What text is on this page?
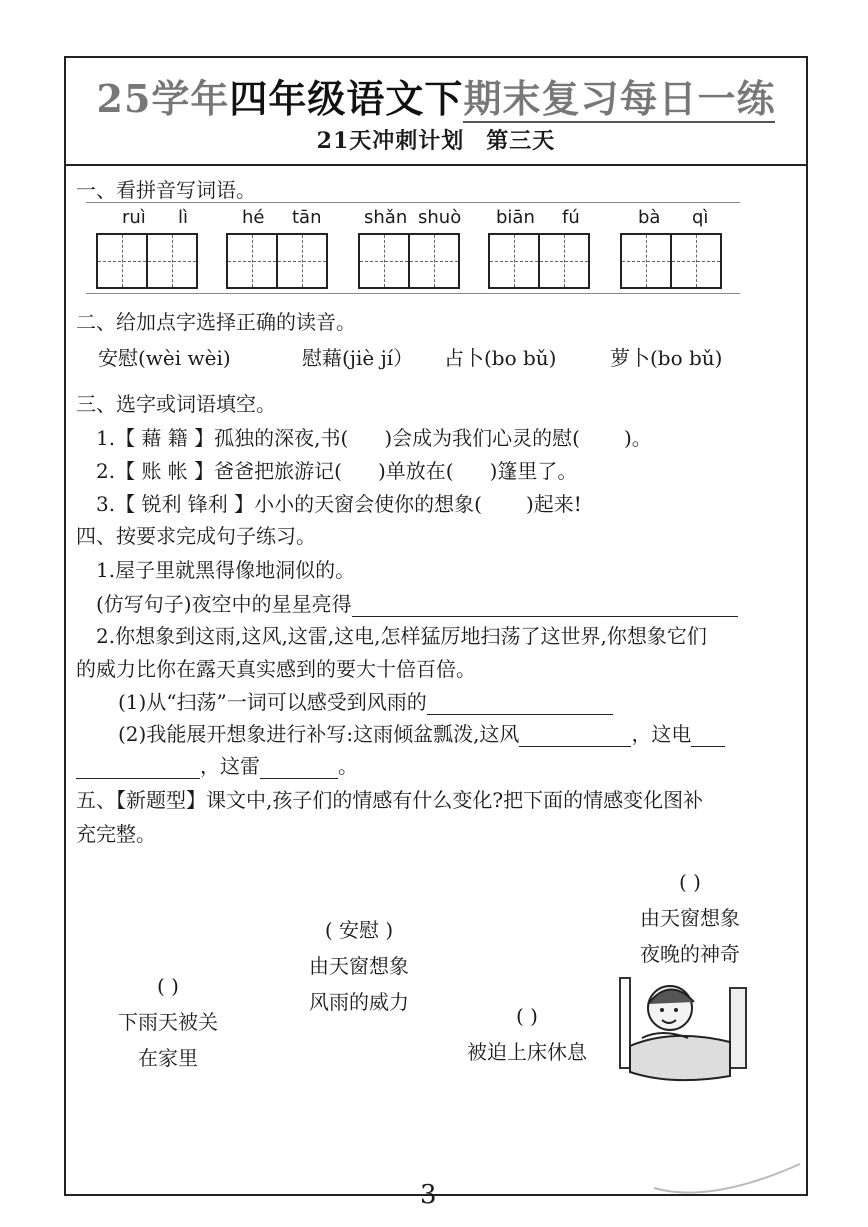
25学年四年级语文下期末复习每日一练
21天冲刺计划 第三天
一、看拼音写词语。
ruì lì	hé tān shǎn shuò biān fú	bà qì
二、给加点字选择正确的读音。
安慰(wèi wèi)	慰藉(jiè jí） 占卜(bo bǔ)	萝卜(bo bǔ)
三、选字或词语填空。
1.【 藉 籍 】孤独的深夜,书( )会成为我们心灵的慰( )。
2.【 账 帐 】爸爸把旅游记( )单放在( )篷里了。
3.【 锐利 锋利 】小小的天窗会使你的想象( )起来!
四、按要求完成句子练习。
1.屋子里就黑得像地洞似的。
(仿写句子)夜空中的星星亮得
2.你想象到这雨,这风,这雷,这电,怎样猛厉地扫荡了这世界,你想象它们
的威力比你在露天真实感到的要大十倍百倍。
(1)从“扫荡”一词可以感受到风雨的
(2)我能展开想象进行补写:这雨倾盆瓢泼,这风	，这电
，这雷	。
五、【新题型】课文中,孩子们的情感有什么变化?把下面的情感变化图补
充完整。
( )
下雨天被关
在家里
( 安慰 )
由天窗想象
风雨的威力
( )
被迫上床休息
( )
由天窗想象
夜晚的神奇
3
